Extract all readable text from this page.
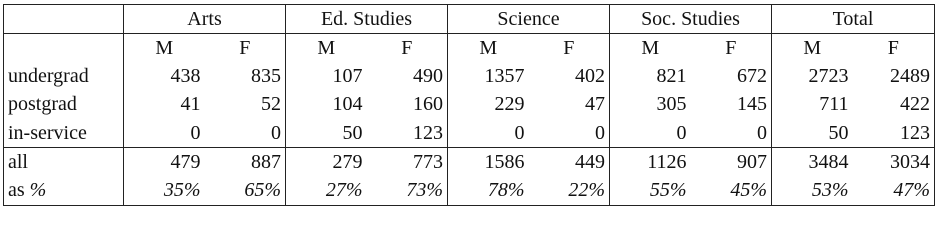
	Arts		Ed. Studies		Science		Soc. Studies		Total	
	M	F	M	F	M	F	M	F	M	F
undergrad	438	835	107	490	1357	402	821	672	2723	2489
postgrad	41	52	104	160	229	47	305	145	711	422
in-service	0	0	50	123	0	0	0	0	50	123
all	479	887	279	773	1586	449	1126	907	3484	3034
as %	35%	65%	27%	73%	78%	22%	55%	45%	53%	47%
